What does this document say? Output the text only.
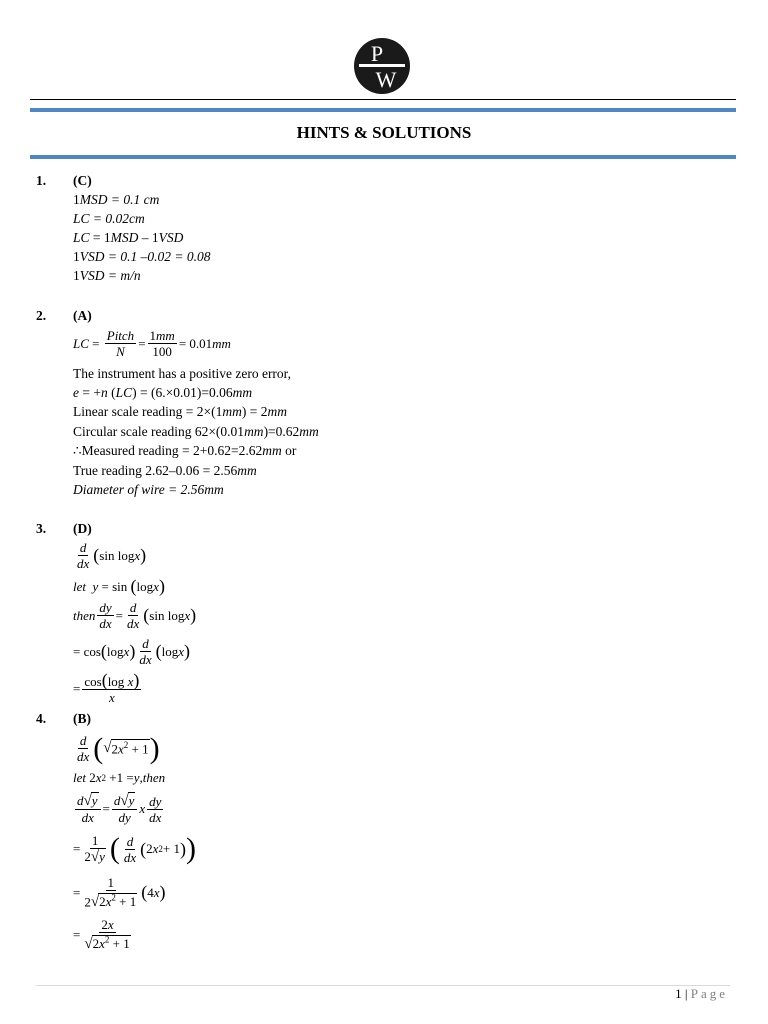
P
W
HINTS & SOLUTIONS
1. (C)
1MSD = 0.1 cm
LC = 0.02cm
LC = 1MSD – 1VSD
1VSD = 0.1 –0.02 = 0.08
1VSD = m/n
2. (A)
LC = $\frac{\text{Pitch}}{N} = \frac{1mm}{100} = 0.01$ mm
The instrument has a positive zero error,
e = +n (LC) = (6.×0.01)=0.06mm
Linear scale reading = 2×(1mm) = 2mm
Circular scale reading 62×(0.01mm)=0.62mm
∴Measured reading = 2+0.62=2.62mm or
True reading 2.62–0.06 = 2.56mm
Diameter of wire = 2.56mm
3. (D)
$\frac{d}{dx}$ ( sin log x )
let  y = sin ( log x )
then $\frac{dy}{dx} = \frac{d}{dx}$ ( sin log x )
= cos ( log x ) $\frac{d}{dx}$ ( log x )
= $\frac{\text{cos(log x)}}{x}$
4. (B)
$\frac{d}{dx}$ ( √ $2x^2 + 1$ )
let 2 x 2 +1 = y , then
$\frac{d√y}{dx} = \frac{d√y}{dy}$ x $\frac{dy}{dx}$
= $\frac{1}{2√y}$ ( $\frac{d}{dx}$ ( 2 x 2 + 1 ) )
= $\frac{1}{2√2x^2 + 1}$ ( 4 x )
= $\frac{2x}{√2x^2 + 1}$
1 | Page
